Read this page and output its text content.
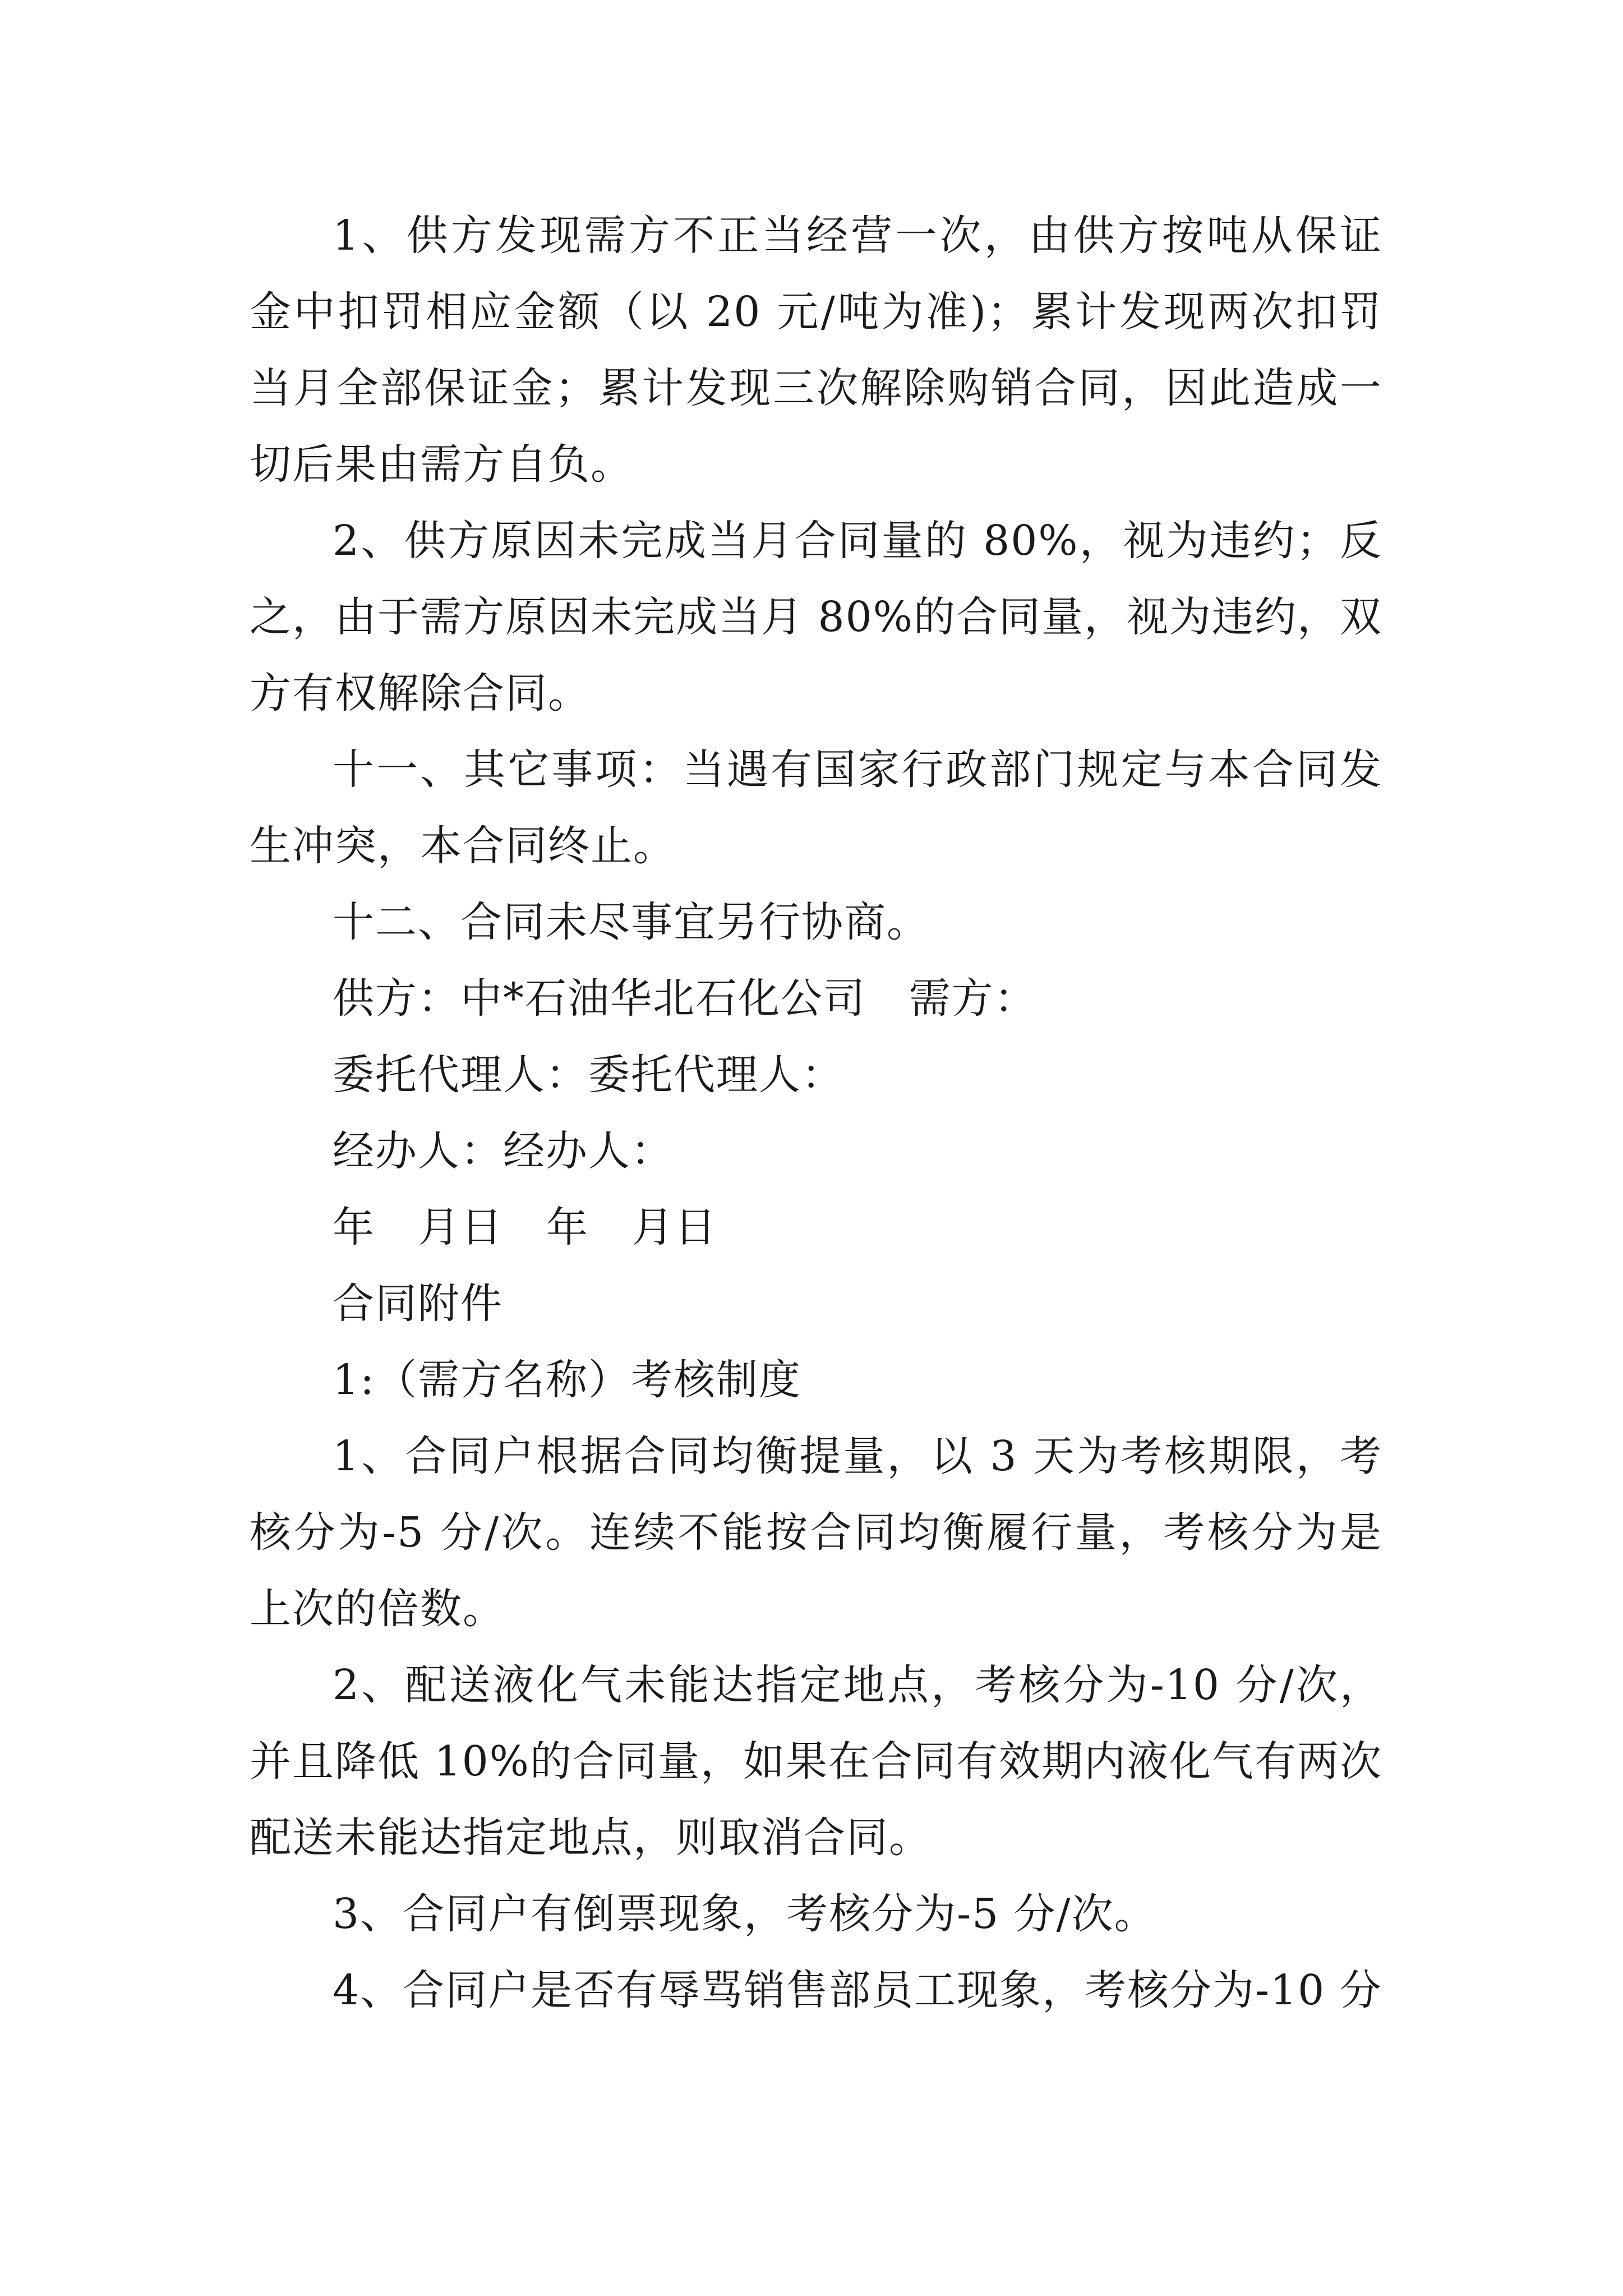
1、供方发现需方不正当经营一次，由供方按吨从保证金中扣罚相应金额（以 20 元/吨为准)；累计发现两次扣罚当月全部保证金；累计发现三次解除购销合同，因此造成一切后果由需方自负。

2、供方原因未完成当月合同量的 80%，视为违约；反之，由于需方原因未完成当月 80%的合同量，视为违约，双方有权解除合同。

十一、其它事项：当遇有国家行政部门规定与本合同发生冲突，本合同终止。

十二、合同未尽事宜另行协商。

供方：中*石油华北石化公司   需方：

委托代理人：委托代理人：

经办人：经办人：

年   月日   年   月日

合同附件

1:（需方名称）考核制度

1、合同户根据合同均衡提量，以 3 天为考核期限，考核分为-5 分/次。连续不能按合同均衡履行量，考核分为是上次的倍数。

2、配送液化气未能达指定地点，考核分为-10 分/次，并且降低 10%的合同量，如果在合同有效期内液化气有两次配送未能达指定地点，则取消合同。

3、合同户有倒票现象，考核分为-5 分/次。

4、合同户是否有辱骂销售部员工现象，考核分为-10 分
